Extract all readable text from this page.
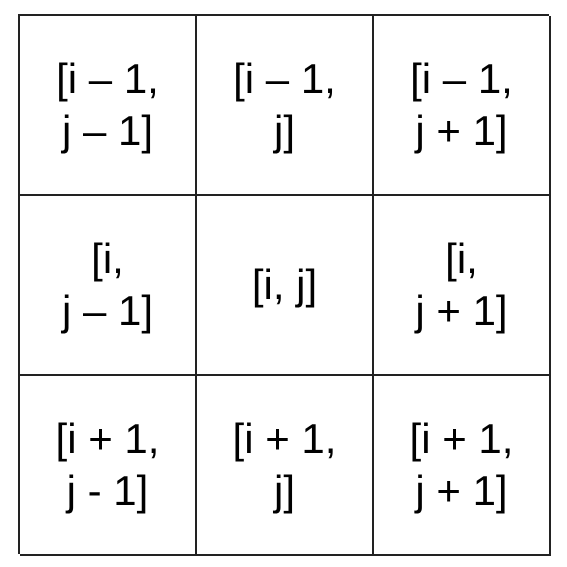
[i – 1,
j – 1]
[i – 1,
j]
[i – 1,
j + 1]
[i,
j – 1]
[i, j]
[i,
j + 1]
[i + 1,
j - 1]
[i + 1,
j]
[i + 1,
j + 1]
